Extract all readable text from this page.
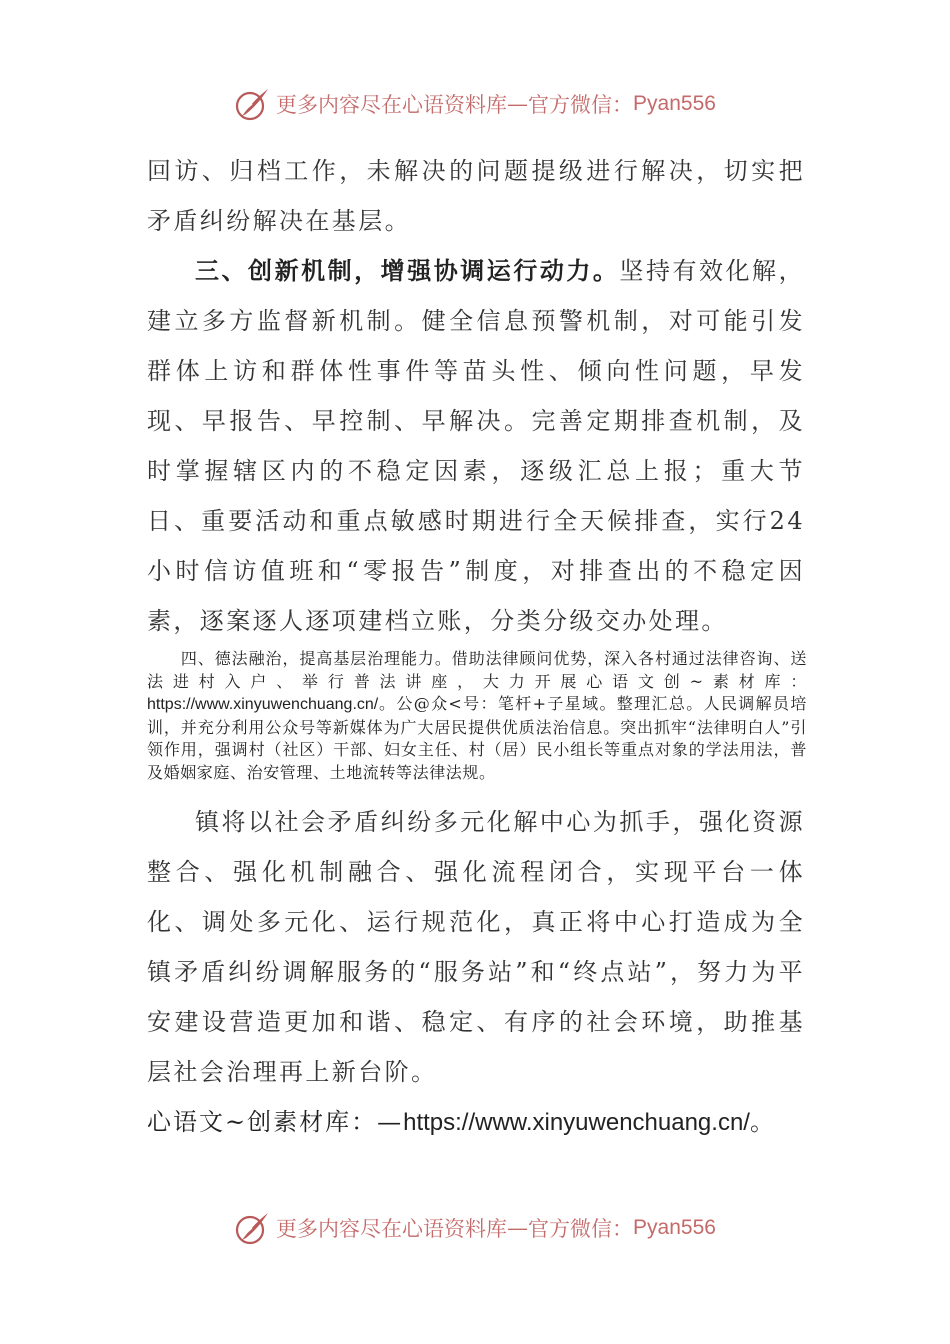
更多内容尽在心语资料库 — 官方微信： Pyan556

回访、归档工作，未解决的问题提级进行解决，切实把矛盾纠纷解决在基层。

三、创新机制，增强协调运行动力。坚持有效化解，建立多方监督新机制。健全信息预警机制，对可能引发群体上访和群体性事件等苗头性、倾向性问题，早发现、早报告、早控制、早解决。完善定期排查机制，及时掌握辖区内的不稳定因素，逐级汇总上报；重大节日、重要活动和重点敏感时期进行全天候排查，实行24小时信访值班和“零报告”制度，对排查出的不稳定因素，逐案逐人逐项建档立账，分类分级交办处理。

　　四、德法融治，提高基层治理能力。借助法律顾问优势，深入各村通过法律咨询、送法进村入户、举行普法讲座，大力开展心语文创~素材库：https://www.xinyuwenchuang.cn/。公@众<号：笔杆+子星域。整理汇总。人民调解员培训，并充分利用公众号等新媒体为广大居民提供优质法治信息。突出抓牢“法律明白人”引领作用，强调村（社区）干部、妇女主任、村（居）民小组长等重点对象的学法用法，普及婚姻家庭、治安管理、土地流转等法律法规。

镇将以社会矛盾纠纷多元化解中心为抓手，强化资源整合、强化机制融合、强化流程闭合，实现平台一体化、调处多元化、运行规范化，真正将中心打造成为全镇矛盾纠纷调解服务的“服务站”和“终点站”，努力为平安建设营造更加和谐、稳定、有序的社会环境，助推基层社会治理再上新台阶。

心语文~创素材库：—https://www.xinyuwenchuang.cn/。

更多内容尽在心语资料库 — 官方微信： Pyan556
